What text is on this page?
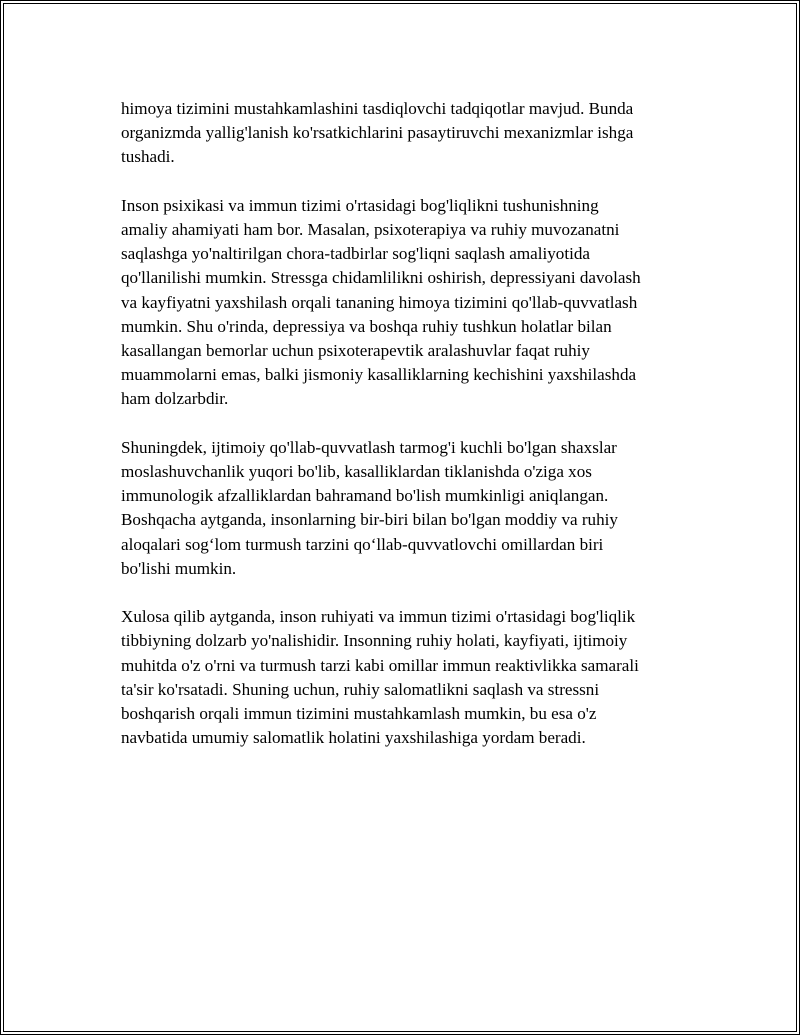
himoya tizimini mustahkamlashini tasdiqlovchi tadqiqotlar mavjud. Bunda
organizmda yallig'lanish ko'rsatkichlarini pasaytiruvchi mexanizmlar ishga
tushadi.

Inson psixikasi va immun tizimi o'rtasidagi bog'liqlikni tushunishning
amaliy ahamiyati ham bor. Masalan, psixoterapiya va ruhiy muvozanatni
saqlashga yo'naltirilgan chora-tadbirlar sog'liqni saqlash amaliyotida
qo'llanilishi mumkin. Stressga chidamlilikni oshirish, depressiyani davolash
va kayfiyatni yaxshilash orqali tananing himoya tizimini qo'llab-quvvatlash
mumkin. Shu o'rinda, depressiya va boshqa ruhiy tushkun holatlar bilan
kasallangan bemorlar uchun psixoterapevtik aralashuvlar faqat ruhiy
muammolarni emas, balki jismoniy kasalliklarning kechishini yaxshilashda
ham dolzarbdir.

Shuningdek, ijtimoiy qo'llab-quvvatlash tarmog'i kuchli bo'lgan shaxslar
moslashuvchanlik yuqori bo'lib, kasalliklardan tiklanishda o'ziga xos
immunologik afzalliklardan bahramand bo'lish mumkinligi aniqlangan.
Boshqacha aytganda, insonlarning bir-biri bilan bo'lgan moddiy va ruhiy
aloqalari sog‘lom turmush tarzini qo‘llab-quvvatlovchi omillardan biri
bo'lishi mumkin.

Xulosa qilib aytganda, inson ruhiyati va immun tizimi o'rtasidagi bog'liqlik
tibbiyning dolzarb yo'nalishidir. Insonning ruhiy holati, kayfiyati, ijtimoiy
muhitda o'z o'rni va turmush tarzi kabi omillar immun reaktivlikka samarali
ta'sir ko'rsatadi. Shuning uchun, ruhiy salomatlikni saqlash va stressni
boshqarish orqali immun tizimini mustahkamlash mumkin, bu esa o'z
navbatida umumiy salomatlik holatini yaxshilashiga yordam beradi.
